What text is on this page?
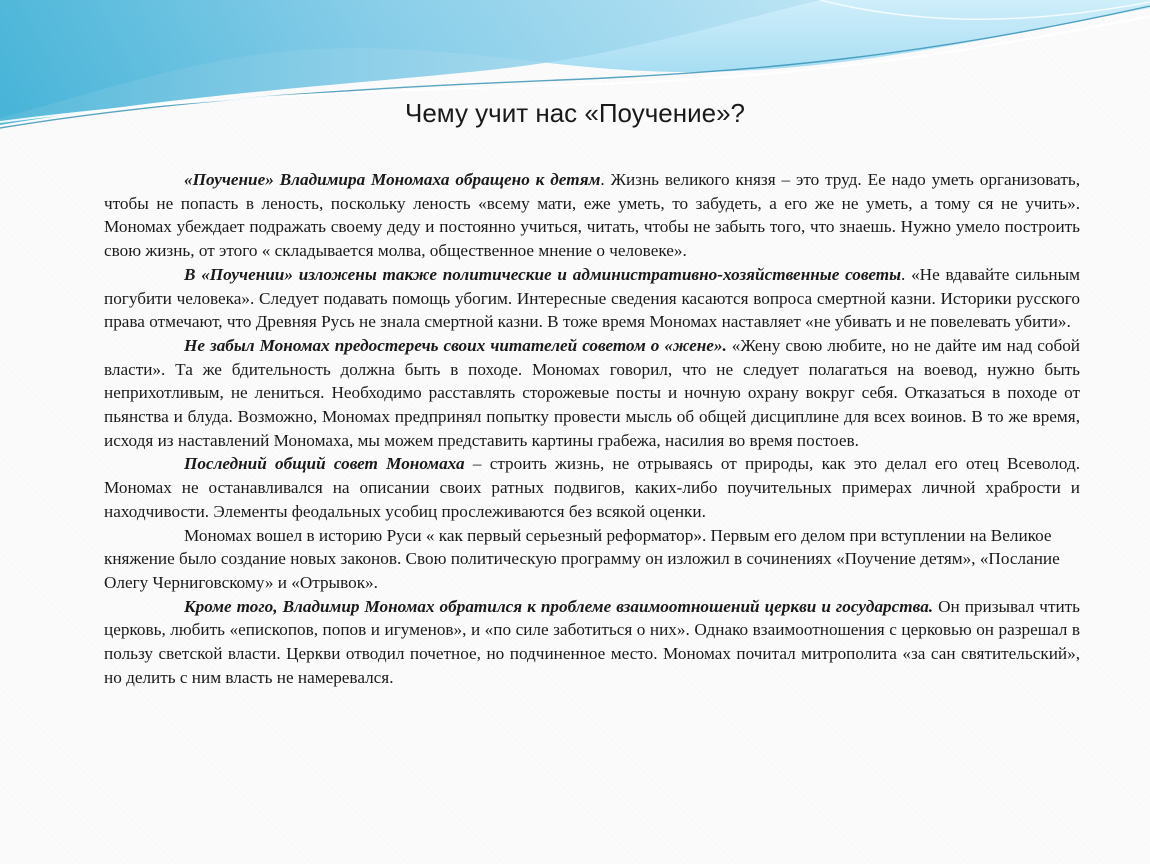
Чему учит нас «Поучение»?

«Поучение» Владимира Мономаха обращено к детям. Жизнь великого князя – это труд. Ее надо уметь организовать, чтобы не попасть в леность, поскольку леность «всему мати, еже уметь, то забудеть, а его же не уметь, а тому ся не учить». Мономах убеждает подражать своему деду и постоянно учиться, читать, чтобы не забыть того, что знаешь. Нужно умело построить свою жизнь, от этого « складывается молва, общественное мнение о человеке».

В «Поучении» изложены также политические и административно-хозяйственные советы. «Не вдавайте сильным погубити человека». Следует подавать помощь убогим. Интересные сведения касаются вопроса смертной казни. Историки русского права отмечают, что Древняя Русь не знала смертной казни. В тоже время Мономах наставляет «не убивать и не повелевать убити».

Не забыл Мономах предостеречь своих читателей советом о «жене». «Жену свою любите, но не дайте им над собой власти». Та же бдительность должна быть в походе. Мономах говорил, что не следует полагаться на воевод, нужно быть неприхотливым, не лениться. Необходимо расставлять сторожевые посты и ночную охрану вокруг себя. Отказаться в походе от пьянства и блуда. Возможно, Мономах предпринял попытку провести мысль об общей дисциплине для всех воинов. В то же время, исходя из наставлений Мономаха, мы можем представить картины грабежа, насилия во время постоев.

Последний общий совет Мономаха – строить жизнь, не отрываясь от природы, как это делал его отец Всеволод. Мономах не останавливался на описании своих ратных подвигов, каких-либо поучительных примерах личной храбрости и находчивости. Элементы феодальных усобиц прослеживаются без всякой оценки.

Мономах вошел в историю Руси « как первый серьезный реформатор». Первым его делом при вступлении на Великое княжение было создание новых законов. Свою политическую программу он изложил в сочинениях «Поучение детям», «Послание Олегу Черниговскому» и «Отрывок».

Кроме того, Владимир Мономах обратился к проблеме взаимоотношений церкви и государства. Он призывал чтить церковь, любить «епископов, попов и игуменов», и «по силе заботиться о них». Однако взаимоотношения с церковью он разрешал в пользу светской власти. Церкви отводил почетное, но подчиненное место. Мономах почитал митрополита «за сан святительский», но делить с ним власть не намеревался.
